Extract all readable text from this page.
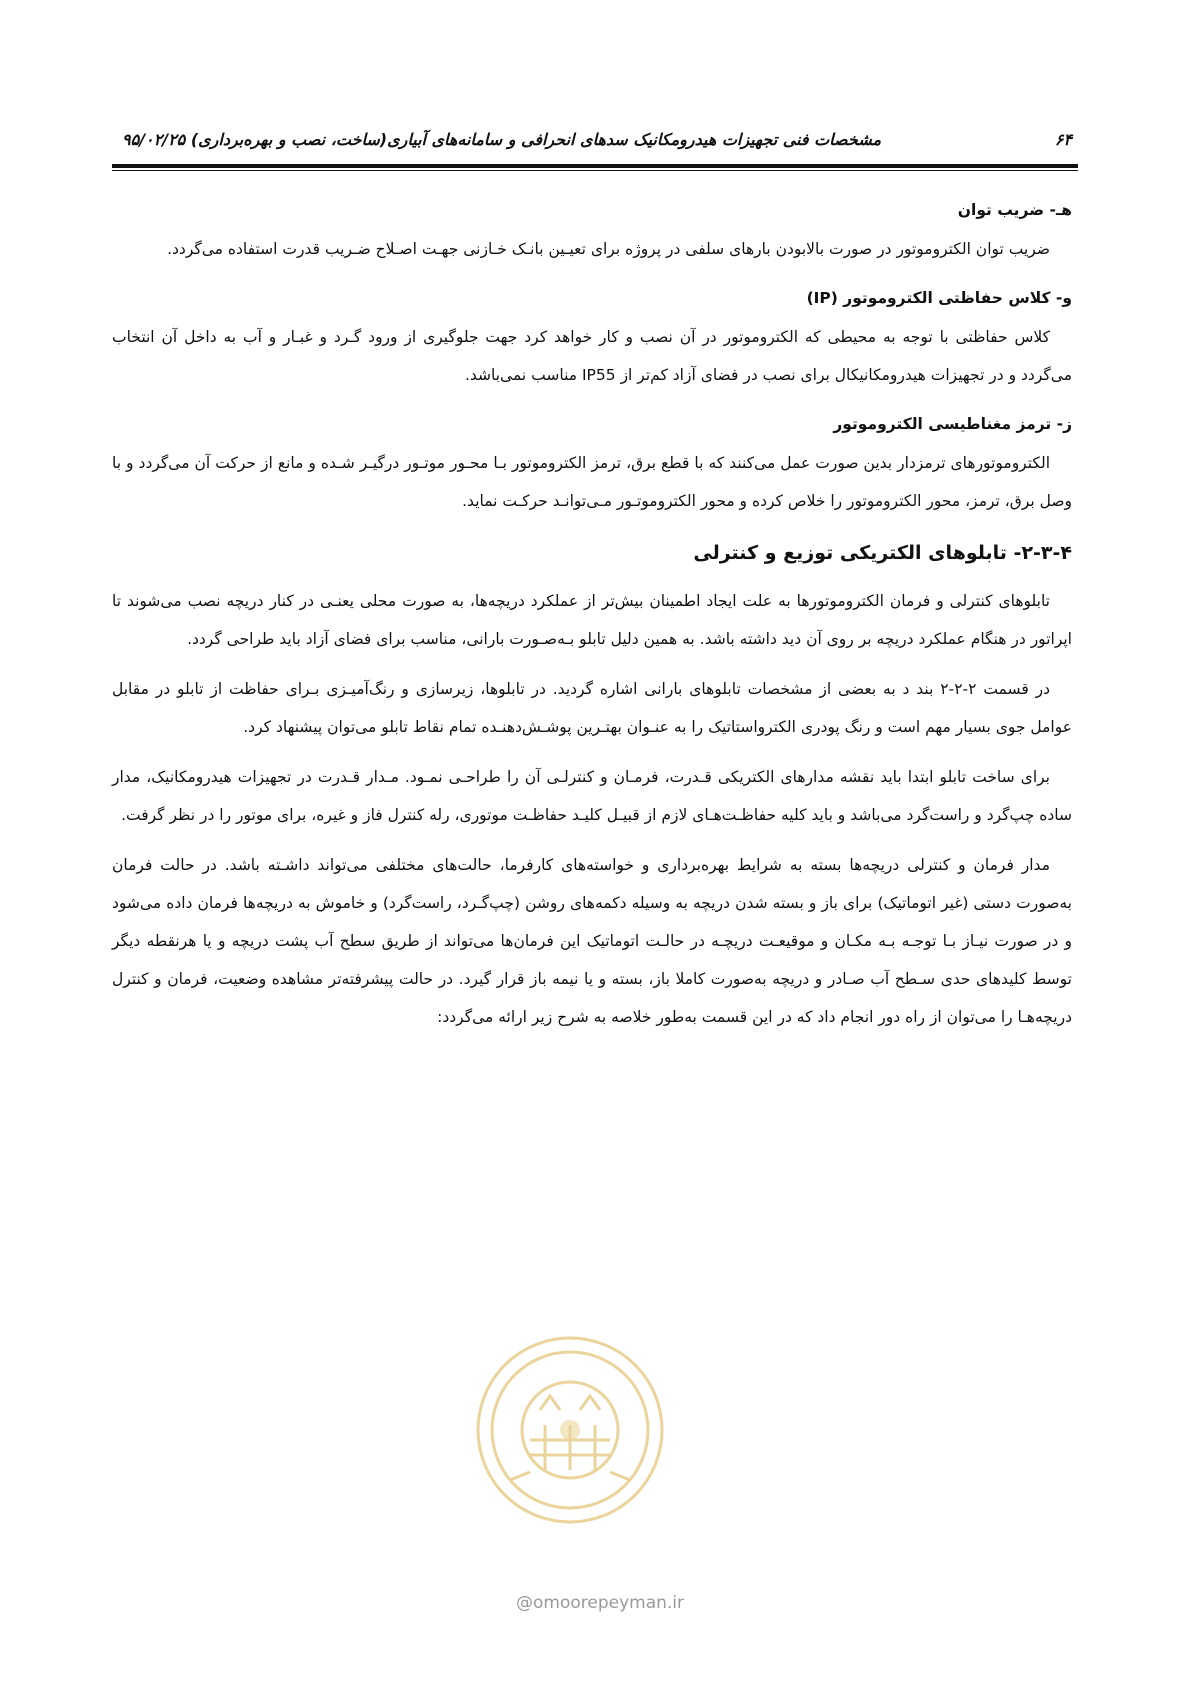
۶۴
مشخصات فنی تجهیزات هیدرومکانیک سدهای انحرافی و سامانه‌های آبیاری(ساخت، نصب و بهره‌برداری) ۹۵/۰۲/۲۵

هـ- ضریب توان

ضریب توان الکتروموتور در صورت بالابودن بارهای سلفی در پروژه برای تعیـین بانـک خـازنی جهـت اصـلاح ضـریب قدرت استفاده می‌گردد.

و- کلاس حفاظتی الکتروموتور (IP)

کلاس حفاظتی با توجه به محیطی که الکتروموتور در آن نصب و کار خواهد کرد جهت جلوگیری از ورود گـرد و غبـار و آب به داخل آن انتخاب می‌گردد و در تجهیزات هیدرومکانیکال برای نصب در فضای آزاد کم‌تر از IP55 مناسب نمی‌باشد.

ز- ترمز مغناطیسی الکتروموتور

الکتروموتورهای ترمزدار بدین صورت عمل می‌کنند که با قطع برق، ترمز الکتروموتور بـا محـور موتـور درگیـر شـده و مانع از حرکت آن می‌گردد و با وصل برق، ترمز، محور الکتروموتور را خلاص کرده و محور الکتروموتـور مـی‌توانـد حرکـت نماید.

۲-۳-۴- تابلوهای الکتریکی توزیع و کنترلی

تابلوهای کنترلی و فرمان الکتروموتورها به علت ایجاد اطمینان بیش‌تر از عملکرد دریچه‌ها، به صورت محلی یعنـی در کنار دریچه نصب می‌شوند تا اپراتور در هنگام عملکرد دریچه بر روی آن دید داشته باشد. به همین دلیل تابلو بـه‌صـورت بارانی، مناسب برای فضای آزاد باید طراحی گردد.

در قسمت ۲-۲-۲ بند د به بعضی از مشخصات تابلوهای بارانی اشاره گردید. در تابلوها، زیرسازی و رنگ‌آمیـزی بـرای حفاظت از تابلو در مقابل عوامل جوی بسیار مهم است و رنگ پودری الکترواستاتیک را به عنـوان بهتـرین پوشـش‌دهنـده تمام نقاط تابلو می‌توان پیشنهاد کرد.

برای ساخت تابلو ابتدا باید نقشه مدارهای الکتریکی قـدرت، فرمـان و کنترلـی آن را طراحـی نمـود. مـدار قـدرت در تجهیزات هیدرومکانیک، مدار ساده چپ‌گرد و راست‌گرد می‌باشد و باید کلیه حفاظـت‌هـای لازم از قبیـل کلیـد حفاظـت موتوری، رله کنترل فاز و غیره، برای موتور را در نظر گرفت.

مدار فرمان و کنترلی دریچه‌ها بسته به شرایط بهره‌برداری و خواسته‌های کارفرما، حالت‌های مختلفی می‌تواند داشـته باشد. در حالت فرمان به‌صورت دستی (غیر اتوماتیک) برای باز و بسته شدن دریچه به وسیله دکمه‌های روشن (چپ‌گـرد، راست‌گرد) و خاموش به دریچه‌ها فرمان داده می‌شود و در صورت نیـاز بـا توجـه بـه مکـان و موقیعـت دریچـه در حالـت اتوماتیک این فرمان‌ها می‌تواند از طریق سطح آب پشت دریچه و یا هرنقطه دیگر توسط کلیدهای حدی سـطح آب صـادر و دریچه به‌صورت کاملا باز، بسته و یا نیمه باز قرار گیرد. در حالت پیشرفته‌تر مشاهده وضعیت، فرمان و کنترل دریچه‌هـا را می‌توان از راه دور انجام داد که در این قسمت به‌طور خلاصه به شرح زیر ارائه می‌گردد:

@omoorepeyman.ir
